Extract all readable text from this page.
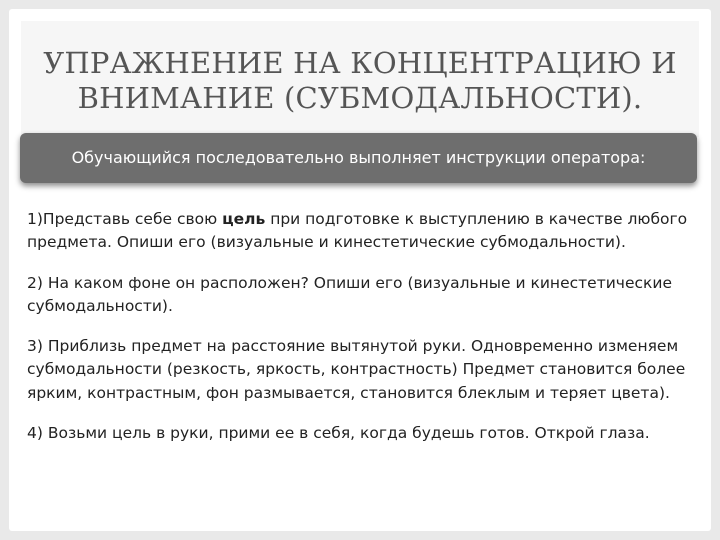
УПРАЖНЕНИЕ НА КОНЦЕНТРАЦИЮ И
ВНИМАНИЕ (СУБМОДАЛЬНОСТИ).
Обучающийся последовательно выполняет инструкции оператора:

1)Представь себе свою цель при подготовке к выступлению в качестве любого предмета. Опиши его (визуальные и кинестетические субмодальности).

2) На каком фоне он расположен? Опиши его (визуальные и кинестетические субмодальности).

3) Приблизь предмет на расстояние вытянутой руки. Одновременно изменяем субмодальности (резкость, яркость, контрастность) Предмет становится более ярким, контрастным, фон размывается, становится блеклым и теряет цвета).

4) Возьми цель в руки, прими ее в себя, когда будешь готов. Открой глаза.
